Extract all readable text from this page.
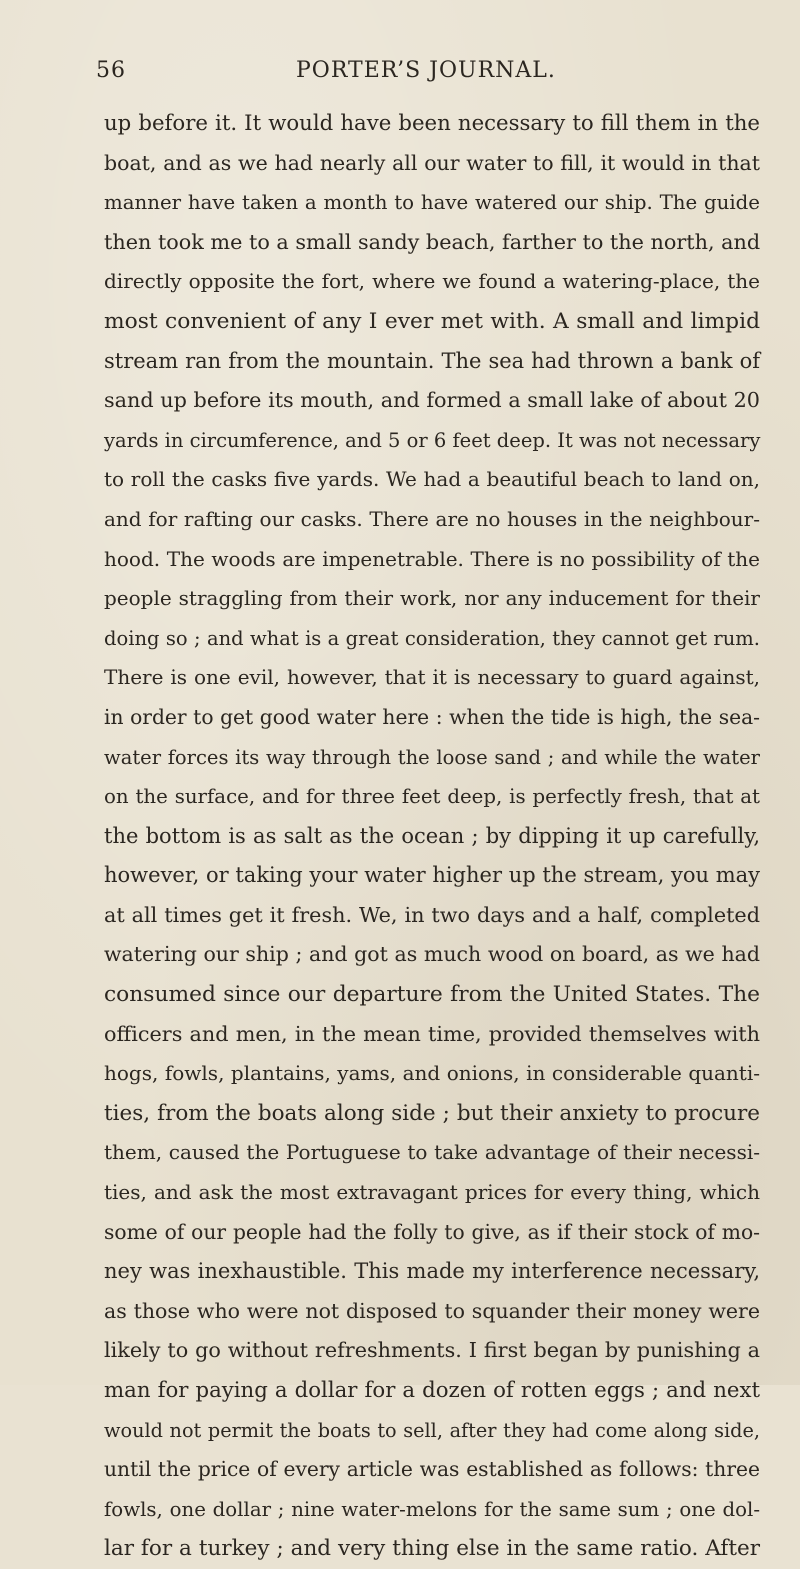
56	PORTER’S JOURNAL.
up before it. It would have been necessary to fill them in the
boat, and as we had nearly all our water to fill, it would in that
manner have taken a month to have watered our ship. The guide
then took me to a small sandy beach, farther to the north, and
directly opposite the fort, where we found a watering-place, the
most convenient of any I ever met with. A small and limpid
stream ran from the mountain. The sea had thrown a bank of
sand up before its mouth, and formed a small lake of about 20
yards in circumference, and 5 or 6 feet deep. It was not necessary
to roll the casks five yards. We had a beautiful beach to land on,
and for rafting our casks. There are no houses in the neighbour-
hood. The woods are impenetrable. There is no possibility of the
people straggling from their work, nor any inducement for their
doing so ; and what is a great consideration, they cannot get rum.
There is one evil, however, that it is necessary to guard against,
in order to get good water here : when the tide is high, the sea-
water forces its way through the loose sand ; and while the water
on the surface, and for three feet deep, is perfectly fresh, that at
the bottom is as salt as the ocean ; by dipping it up carefully,
however, or taking your water higher up the stream, you may
at all times get it fresh. We, in two days and a half, completed
watering our ship ; and got as much wood on board, as we had
consumed since our departure from the United States. The
officers and men, in the mean time, provided themselves with
hogs, fowls, plantains, yams, and onions, in considerable quanti-
ties, from the boats along side ; but their anxiety to procure
them, caused the Portuguese to take advantage of their necessi-
ties, and ask the most extravagant prices for every thing, which
some of our people had the folly to give, as if their stock of mo-
ney was inexhaustible. This made my interference necessary,
as those who were not disposed to squander their money were
likely to go without refreshments. I first began by punishing a
man for paying a dollar for a dozen of rotten eggs ; and next
would not permit the boats to sell, after they had come along side,
until the price of every article was established as follows: three
fowls, one dollar ; nine water-melons for the same sum ; one dol-
lar for a turkey ; and very thing else in the same ratio. After
